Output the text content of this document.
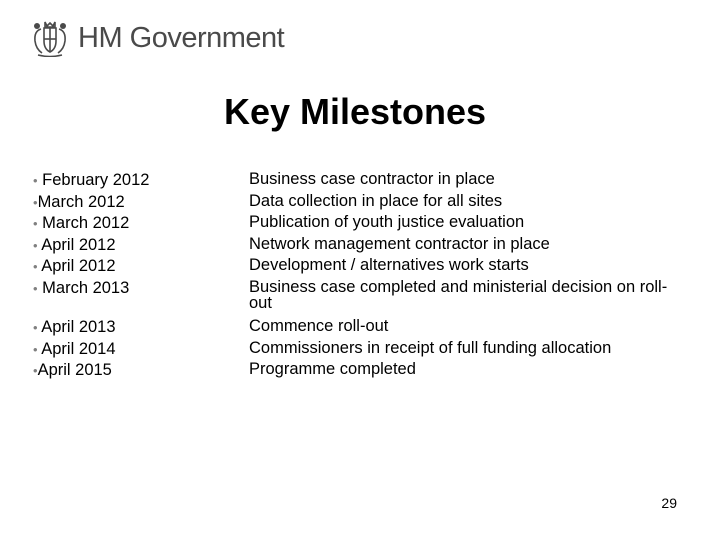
HM Government
Key Milestones
• February 2012	Business case contractor in place
•March 2012	Data collection in place for all sites
• March 2012	Publication of youth justice evaluation
• April 2012	Network management contractor in place
• April 2012	Development / alternatives work starts
• March 2013	Business case completed and ministerial decision on roll-out
• April 2013	Commence roll-out
• April 2014	Commissioners in receipt of full funding allocation
•April 2015	Programme completed
29
